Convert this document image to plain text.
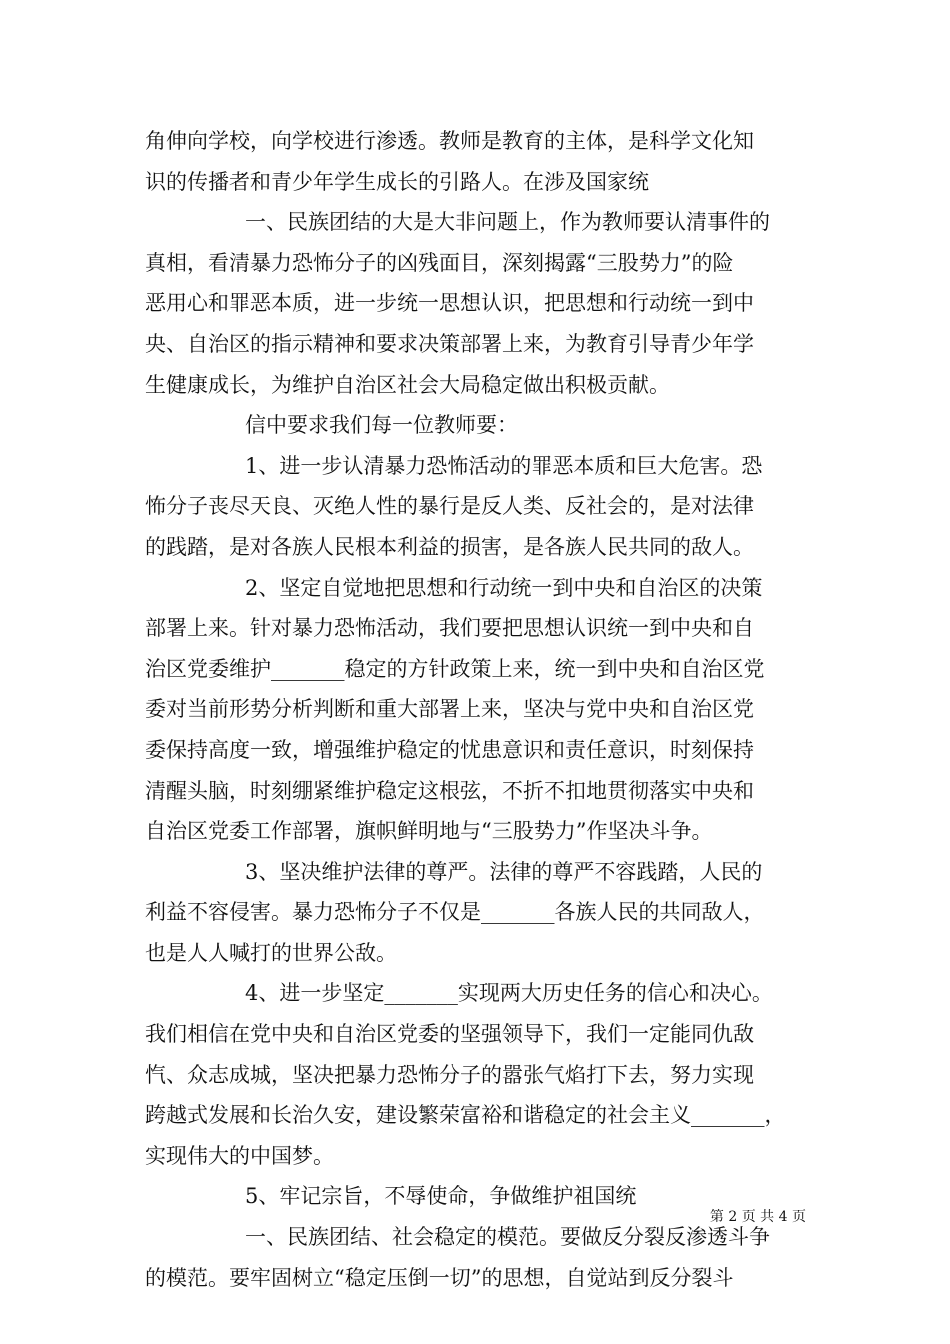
角伸向学校，向学校进行渗透。教师是教育的主体，是科学文化知
识的传播者和青少年学生成长的引路人。在涉及国家统
一、民族团结的大是大非问题上，作为教师要认清事件的
真相，看清暴力恐怖分子的凶残面目，深刻揭露“三股势力”的险
恶用心和罪恶本质，进一步统一思想认识，把思想和行动统一到中
央、自治区的指示精神和要求决策部署上来，为教育引导青少年学
生健康成长，为维护自治区社会大局稳定做出积极贡献。
信中要求我们每一位教师要：
1、进一步认清暴力恐怖活动的罪恶本质和巨大危害。恐
怖分子丧尽天良、灭绝人性的暴行是反人类、反社会的，是对法律
的践踏，是对各族人民根本利益的损害，是各族人民共同的敌人。
2、坚定自觉地把思想和行动统一到中央和自治区的决策
部署上来。针对暴力恐怖活动，我们要把思想认识统一到中央和自
治区党委维护_______稳定的方针政策上来，统一到中央和自治区党
委对当前形势分析判断和重大部署上来，坚决与党中央和自治区党
委保持高度一致，增强维护稳定的忧患意识和责任意识，时刻保持
清醒头脑，时刻绷紧维护稳定这根弦，不折不扣地贯彻落实中央和
自治区党委工作部署，旗帜鲜明地与“三股势力”作坚决斗争。
3、坚决维护法律的尊严。法律的尊严不容践踏，人民的
利益不容侵害。暴力恐怖分子不仅是_______各族人民的共同敌人，
也是人人喊打的世界公敌。
4、进一步坚定_______实现两大历史任务的信心和决心。
我们相信在党中央和自治区党委的坚强领导下，我们一定能同仇敌
忾、众志成城，坚决把暴力恐怖分子的嚣张气焰打下去，努力实现
跨越式发展和长治久安，建设繁荣富裕和谐稳定的社会主义_______，
实现伟大的中国梦。
5、牢记宗旨，不辱使命，争做维护祖国统
一、民族团结、社会稳定的模范。要做反分裂反渗透斗争
的模范。要牢固树立“稳定压倒一切”的思想，自觉站到反分裂斗
第 2 页 共 4 页
